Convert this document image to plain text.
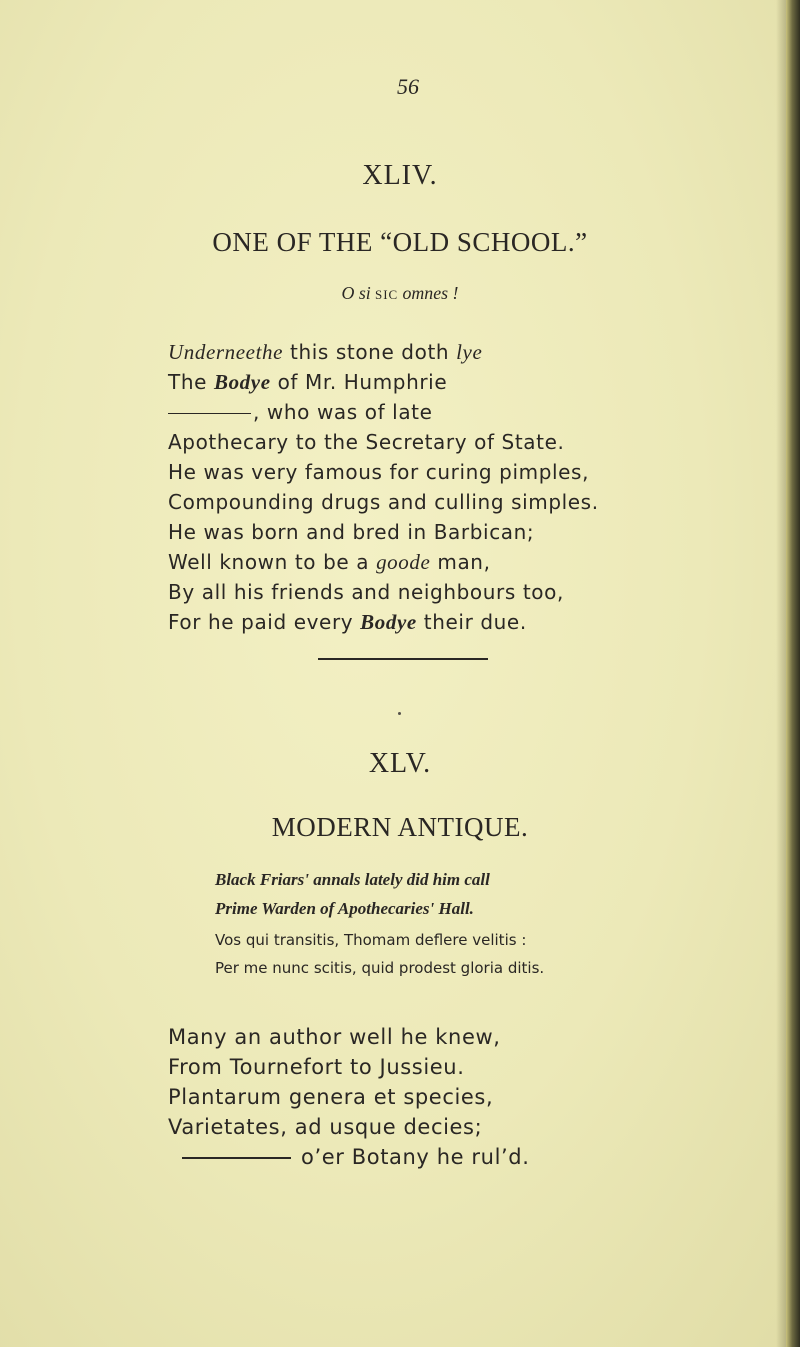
56
XLIV.
ONE OF THE “OLD SCHOOL.”
O si SIC omnes !
Underneethe this stone doth lye
The Bodye of Mr. Humphrie
, who was of late
Apothecary to the Secretary of State.
He was very famous for curing pimples,
Compounding drugs and culling simples.
He was born and bred in Barbican;
Well known to be a goode man,
By all his friends and neighbours too,
For he paid every Bodye their due.
XLV.
MODERN ANTIQUE.
Black Friars' annals lately did him call
Prime Warden of Apothecaries' Hall.
Vos qui transitis, Thomam deflere velitis :
Per me nunc scitis, quid prodest gloria ditis.
Many an author well he knew,
From Tournefort to Jussieu.
Plantarum genera et species,
Varietates, ad usque decies;
o’er Botany he rul’d.
